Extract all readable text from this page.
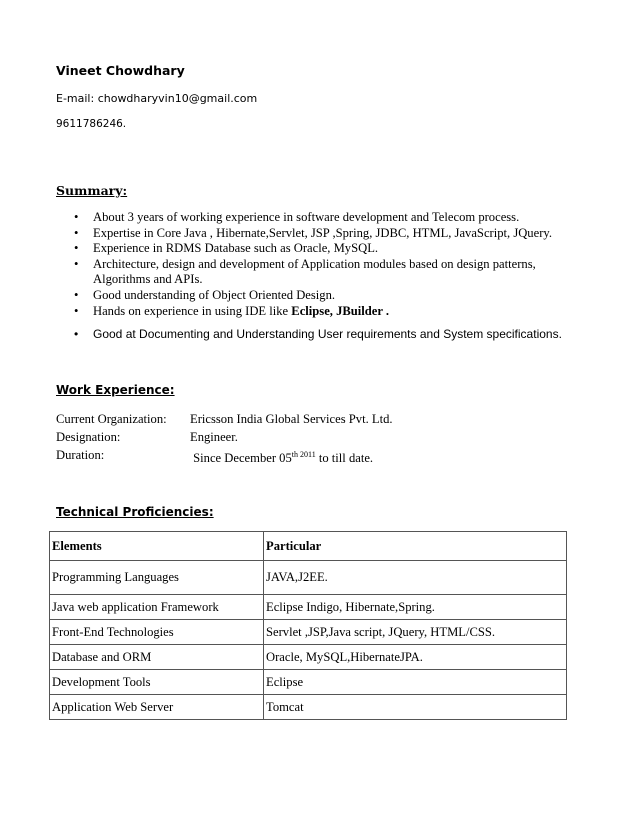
Vineet Chowdhary
E-mail: chowdharyvin10@gmail.com
9611786246.
Summary:
• About 3 years of working experience in software development and Telecom process.
• Expertise in Core Java , Hibernate,Servlet, JSP ,Spring, JDBC, HTML, JavaScript, JQuery.
• Experience in RDMS Database such as Oracle, MySQL.
• Architecture, design and development of Application modules based on design patterns, Algorithms and APIs.
• Good understanding of Object Oriented Design.
• Hands on experience in using IDE like Eclipse, JBuilder .
• Good at Documenting and Understanding User requirements and System specifications.
Work Experience:
Current Organization:	Ericsson India Global Services Pvt. Ltd.
Designation:	Engineer.
Duration:	Since December $05^{th 2011}$ to till date.
Technical Proficiencies:
Elements	Particular
Programming Languages	JAVA,J2EE.
Java web application Framework	Eclipse Indigo, Hibernate,Spring.
Front-End Technologies	Servlet ,JSP,Java script, JQuery, HTML/CSS.
Database and ORM	Oracle, MySQL,HibernateJPA.
Development Tools	Eclipse
Application Web Server	Tomcat
